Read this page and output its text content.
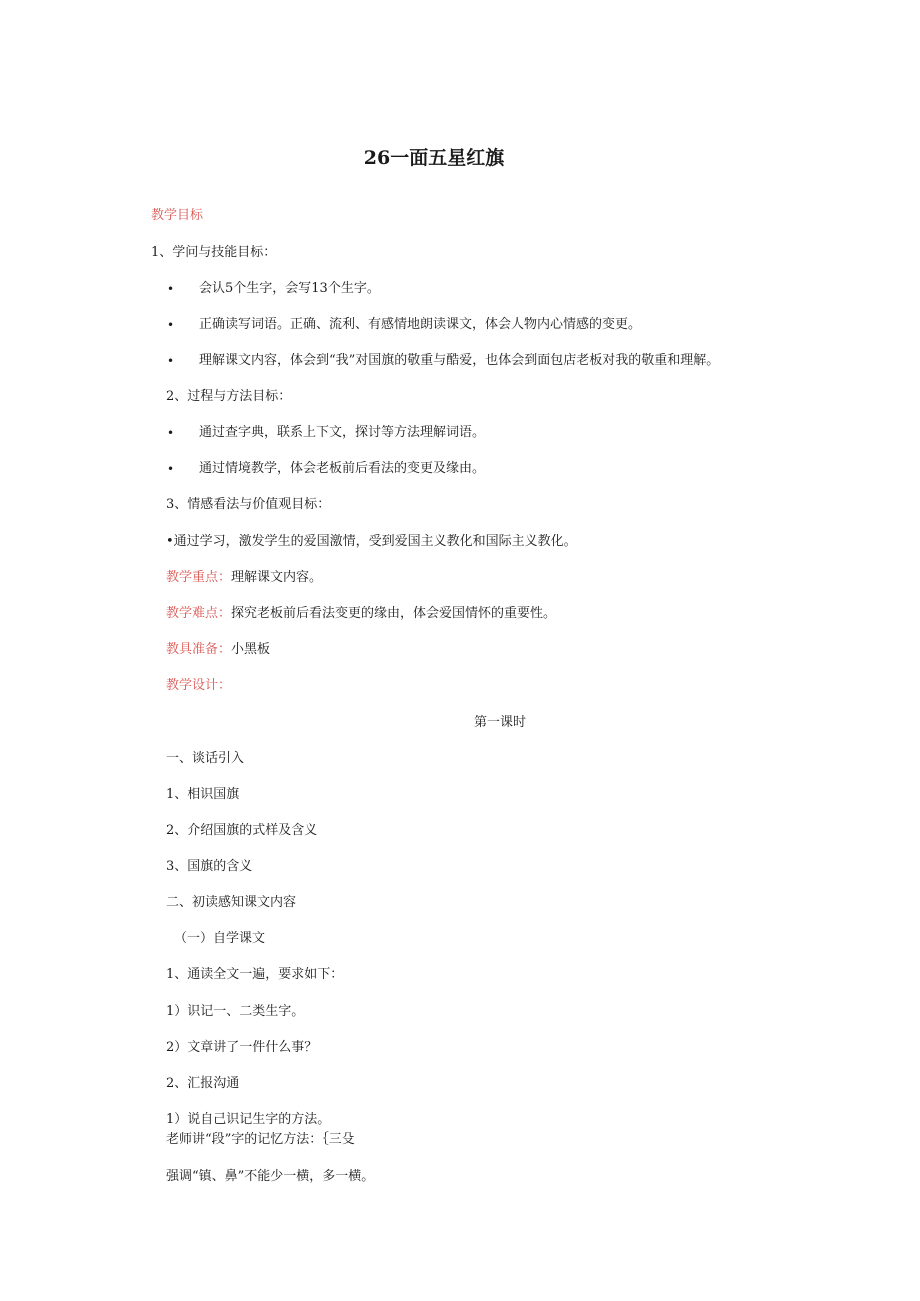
26一面五星红旗
教学目标
1、学问与技能目标：
• 会认5个生字，会写13个生字。
• 正确读写词语。正确、流利、有感情地朗读课文，体会人物内心情感的变更。
• 理解课文内容，体会到“我”对国旗的敬重与酷爱，也体会到面包店老板对我的敬重和理解。
2、过程与方法目标：
• 通过查字典，联系上下文，探讨等方法理解词语。
• 通过情境教学，体会老板前后看法的变更及缘由。
3、情感看法与价值观目标：
•通过学习，激发学生的爱国激情，受到爱国主义教化和国际主义教化。
教学重点：理解课文内容。
教学难点：探究老板前后看法变更的缘由，体会爱国情怀的重要性。
教具准备：小黑板
教学设计：
第一课时
一、谈话引入
1、相识国旗
2、介绍国旗的式样及含义
3、国旗的含义
二、初读感知课文内容
（一）自学课文
1、通读全文一遍，要求如下：
1）识记一、二类生字。
2）文章讲了一件什么事？
2、汇报沟通
1）说自己识记生字的方法。
老师讲“段”字的记忆方法：｛三殳
强调“镇、鼻”不能少一横，多一横。
